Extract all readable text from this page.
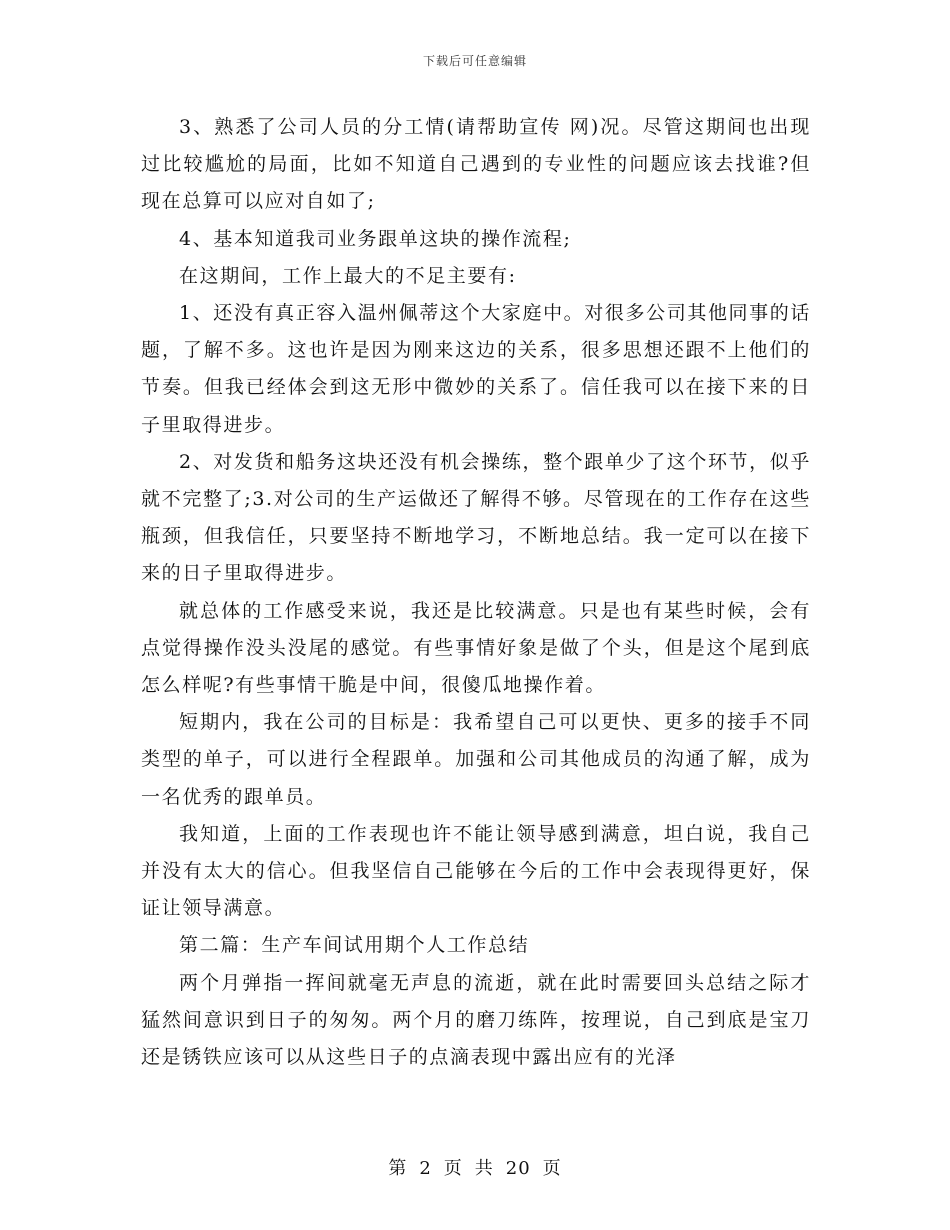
下载后可任意编辑

3、熟悉了公司人员的分工情(请帮助宣传 网)况。尽管这期间也出现过比较尴尬的局面，比如不知道自己遇到的专业性的问题应该去找谁?但现在总算可以应对自如了;

4、基本知道我司业务跟单这块的操作流程;

在这期间，工作上最大的不足主要有:

1、还没有真正容入温州佩蒂这个大家庭中。对很多公司其他同事的话题，了解不多。这也许是因为刚来这边的关系，很多思想还跟不上他们的节奏。但我已经体会到这无形中微妙的关系了。信任我可以在接下来的日子里取得进步。

2、对发货和船务这块还没有机会操练，整个跟单少了这个环节，似乎就不完整了;3.对公司的生产运做还了解得不够。尽管现在的工作存在这些瓶颈，但我信任，只要坚持不断地学习，不断地总结。我一定可以在接下来的日子里取得进步。

就总体的工作感受来说，我还是比较满意。只是也有某些时候，会有点觉得操作没头没尾的感觉。有些事情好象是做了个头，但是这个尾到底怎么样呢?有些事情干脆是中间，很傻瓜地操作着。

短期内，我在公司的目标是：我希望自己可以更快、更多的接手不同类型的单子，可以进行全程跟单。加强和公司其他成员的沟通了解，成为一名优秀的跟单员。

我知道，上面的工作表现也许不能让领导感到满意，坦白说，我自己并没有太大的信心。但我坚信自己能够在今后的工作中会表现得更好，保证让领导满意。

第二篇：生产车间试用期个人工作总结

两个月弹指一挥间就毫无声息的流逝，就在此时需要回头总结之际才猛然间意识到日子的匆匆。两个月的磨刀练阵，按理说，自己到底是宝刀还是锈铁应该可以从这些日子的点滴表现中露出应有的光泽

第 2 页 共 20 页
